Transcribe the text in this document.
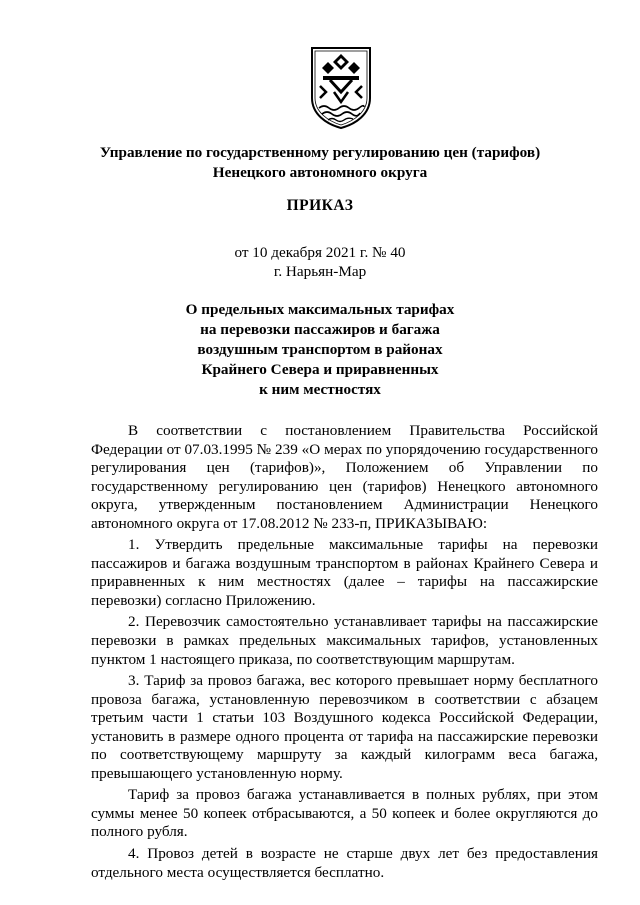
Управление по государственному регулированию цен (тарифов)
Ненецкого автономного округа
ПРИКАЗ
от 10 декабря 2021 г. № 40
г. Нарьян-Мар
О предельных максимальных тарифах
на перевозки пассажиров и багажа
воздушным транспортом в районах
Крайнего Севера и приравненных
к ним местностях

В соответствии с постановлением Правительства Российской Федерации от 07.03.1995 № 239 «О мерах по упорядочению государственного регулирования цен (тарифов)», Положением об Управлении по государственному регулированию цен (тарифов) Ненецкого автономного округа, утвержденным постановлением Администрации Ненецкого автономного округа от 17.08.2012 № 233-п, ПРИКАЗЫВАЮ:

1. Утвердить предельные максимальные тарифы на перевозки пассажиров и багажа воздушным транспортом в районах Крайнего Севера и приравненных к ним местностях (далее – тарифы на пассажирские перевозки) согласно Приложению.

2. Перевозчик самостоятельно устанавливает тарифы на пассажирские перевозки в рамках предельных максимальных тарифов, установленных пунктом 1 настоящего приказа, по соответствующим маршрутам.

3. Тариф за провоз багажа, вес которого превышает норму бесплатного провоза багажа, установленную перевозчиком в соответствии с абзацем третьим части 1 статьи 103 Воздушного кодекса Российской Федерации, установить в размере одного процента от тарифа на пассажирские перевозки по соответствующему маршруту за каждый килограмм веса багажа, превышающего установленную норму.

Тариф за провоз багажа устанавливается в полных рублях, при этом суммы менее 50 копеек отбрасываются, а 50 копеек и более округляются до полного рубля.

4. Провоз детей в возрасте не старше двух лет без предоставления отдельного места осуществляется бесплатно.
